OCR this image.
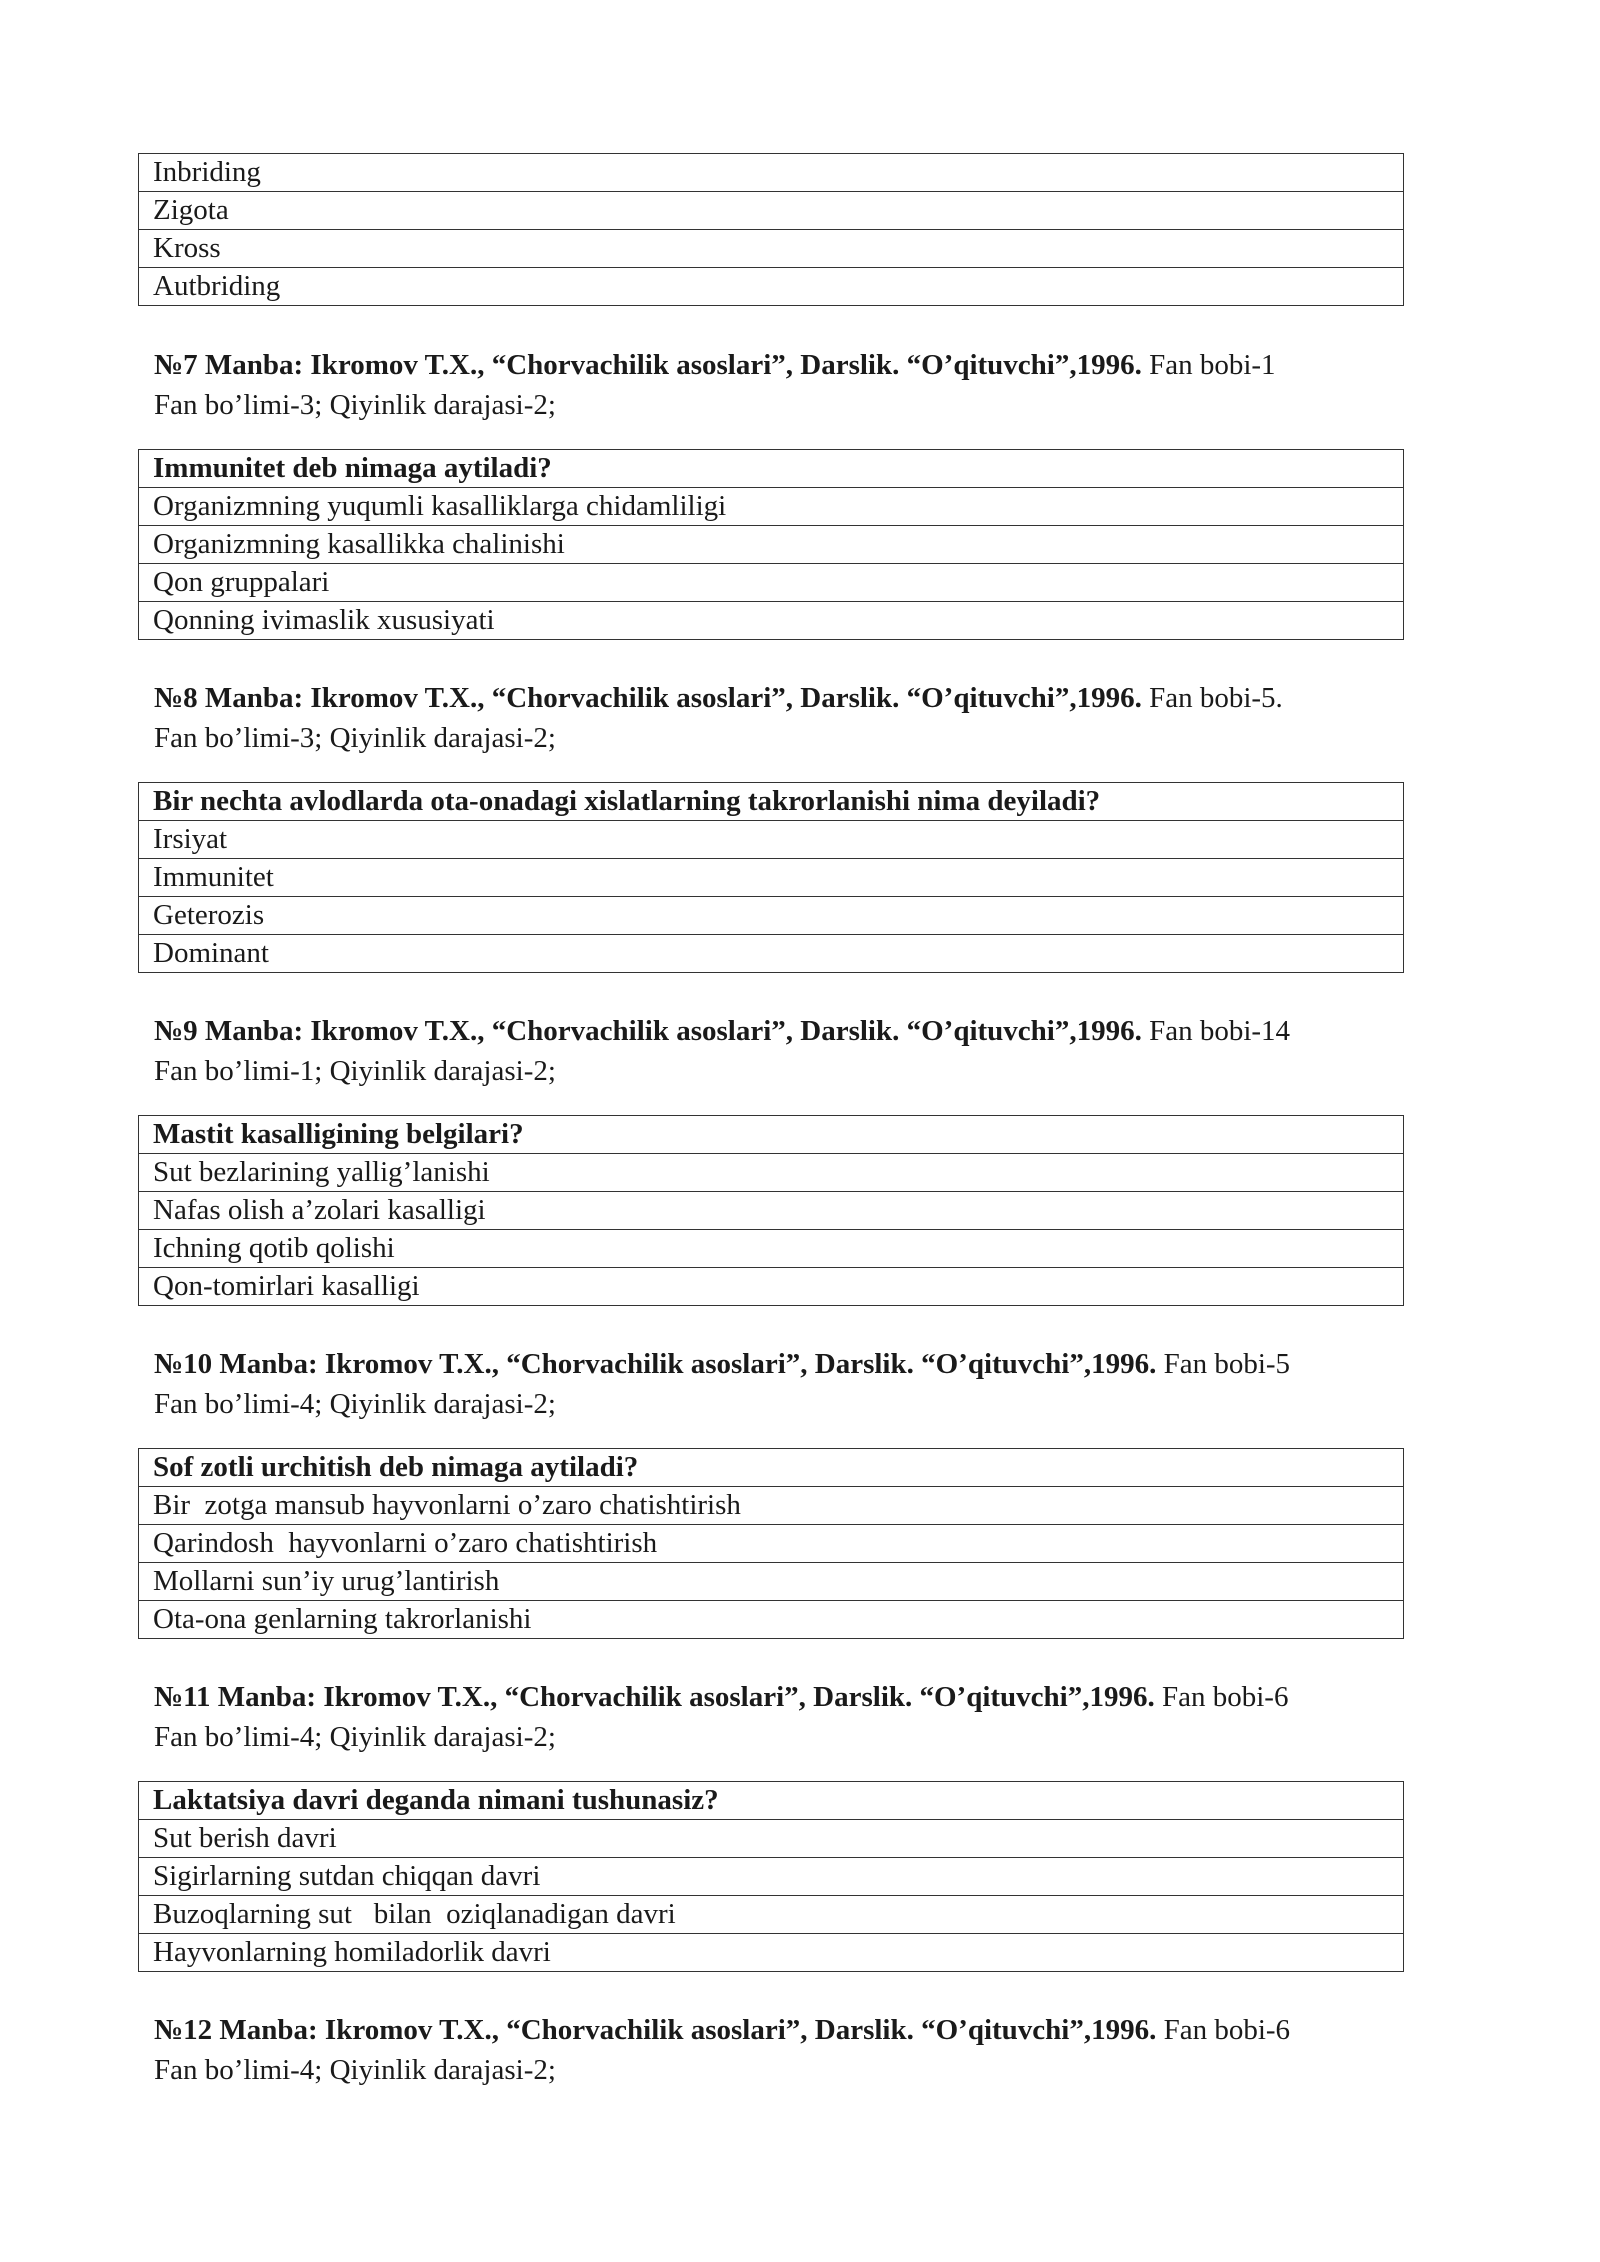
Inbriding
Zigota
Kross
Autbriding
№7 Manba: Ikromov T.X., “Chorvachilik asoslari”, Darslik. “O’qituvchi”,1996. Fan bobi-1
Fan bo’limi-3; Qiyinlik darajasi-2;
Immunitet deb nimaga aytiladi?
Organizmning yuqumli kasalliklarga chidamliligi
Organizmning kasallikka chalinishi
Qon gruppalari
Qonning ivimaslik xususiyati
№8 Manba: Ikromov T.X., “Chorvachilik asoslari”, Darslik. “O’qituvchi”,1996. Fan bobi-5.
Fan bo’limi-3; Qiyinlik darajasi-2;
Bir nechta avlodlarda ota-onadagi xislatlarning takrorlanishi nima deyiladi?
Irsiyat
Immunitet
Geterozis
Dominant
№9 Manba: Ikromov T.X., “Chorvachilik asoslari”, Darslik. “O’qituvchi”,1996. Fan bobi-14
Fan bo’limi-1; Qiyinlik darajasi-2;
Mastit kasalligining belgilari?
Sut bezlarining yallig’lanishi
Nafas olish a’zolari kasalligi
Ichning qotib qolishi
Qon-tomirlari kasalligi
№10 Manba: Ikromov T.X., “Chorvachilik asoslari”, Darslik. “O’qituvchi”,1996. Fan bobi-5
Fan bo’limi-4; Qiyinlik darajasi-2;
Sof zotli urchitish deb nimaga aytiladi?
Bir  zotga mansub hayvonlarni o’zaro chatishtirish
Qarindosh  hayvonlarni o’zaro chatishtirish
Mollarni sun’iy urug’lantirish
Ota-ona genlarning takrorlanishi
№11 Manba: Ikromov T.X., “Chorvachilik asoslari”, Darslik. “O’qituvchi”,1996. Fan bobi-6
Fan bo’limi-4; Qiyinlik darajasi-2;
Laktatsiya davri deganda nimani tushunasiz?
Sut berish davri
Sigirlarning sutdan chiqqan davri
Buzoqlarning sut   bilan  oziqlanadigan davri
Hayvonlarning homiladorlik davri
№12 Manba: Ikromov T.X., “Chorvachilik asoslari”, Darslik. “O’qituvchi”,1996. Fan bobi-6
Fan bo’limi-4; Qiyinlik darajasi-2;
